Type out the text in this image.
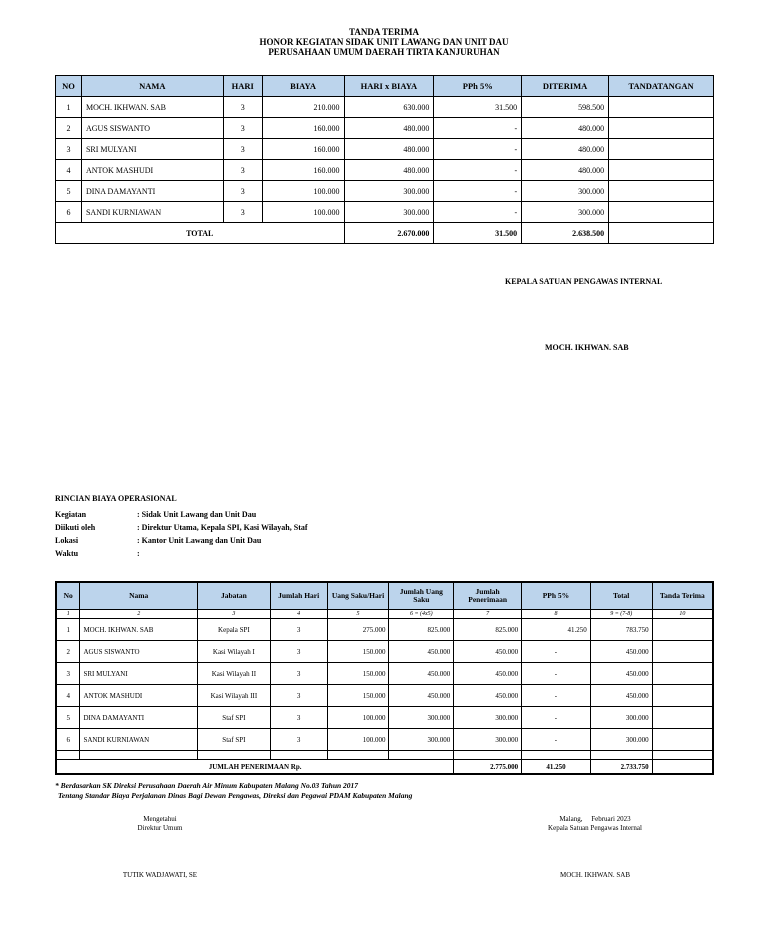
TANDA TERIMA
HONOR KEGIATAN SIDAK UNIT LAWANG DAN UNIT DAU
PERUSAHAAN UMUM DAERAH TIRTA KANJURUHAN
NO	NAMA	HARI	BIAYA	HARI x BIAYA	PPh 5%	DITERIMA	TANDATANGAN
1	MOCH. IKHWAN. SAB	3	210.000	630.000	31.500	598.500	
2	AGUS SISWANTO	3	160.000	480.000	-	480.000	
3	SRI MULYANI	3	160.000	480.000	-	480.000	
4	ANTOK MASHUDI	3	160.000	480.000	-	480.000	
5	DINA DAMAYANTI	3	100.000	300.000	-	300.000	
6	SANDI KURNIAWAN	3	100.000	300.000	-	300.000	
TOTAL				2.670.000	31.500	2.638.500	
KEPALA SATUAN PENGAWAS INTERNAL
MOCH. IKHWAN. SAB
RINCIAN BIAYA OPERASIONAL
Kegiatan	: Sidak Unit Lawang dan Unit Dau
Diikuti oleh	: Direktur Utama, Kepala SPI, Kasi Wilayah, Staf
Lokasi	: Kantor Unit Lawang dan Unit Dau
Waktu	:
No	Nama	Jabatan	Jumlah Hari	Uang Saku/Hari	Jumlah Uang Saku	Jumlah Penerimaan	PPh 5%	Total	Tanda Terima
1	2	3	4	5	6 = (4x5)	7	8	9 = (7-8)	10
1	MOCH. IKHWAN. SAB	Kepala SPI	3	275.000	825.000	825.000	41.250	783.750	
2	AGUS SISWANTO	Kasi Wilayah I	3	150.000	450.000	450.000	-	450.000	
3	SRI MULYANI	Kasi Wilayah II	3	150.000	450.000	450.000	-	450.000	
4	ANTOK MASHUDI	Kasi Wilayah III	3	150.000	450.000	450.000	-	450.000	
5	DINA DAMAYANTI	Staf SPI	3	100.000	300.000	300.000	-	300.000	
6	SANDI KURNIAWAN	Staf SPI	3	100.000	300.000	300.000	-	300.000	

JUMLAH PENERIMAAN Rp.						2.775.000	41.250	2.733.750	
* Berdasarkan SK Direksi Perusahaan Daerah Air Minum Kabupaten Malang No.03 Tahun 2017
Tentang Standar Biaya Perjalanan Dinas Bagi Dewan Pengawas, Direksi dan Pegawai PDAM Kabupaten Malang
Mengetahui
Direktur Umum
TUTIK WADJAWATI, SE
Malang,     Februari 2023
Kepala Satuan Pengawas Internal
MOCH. IKHWAN. SAB
